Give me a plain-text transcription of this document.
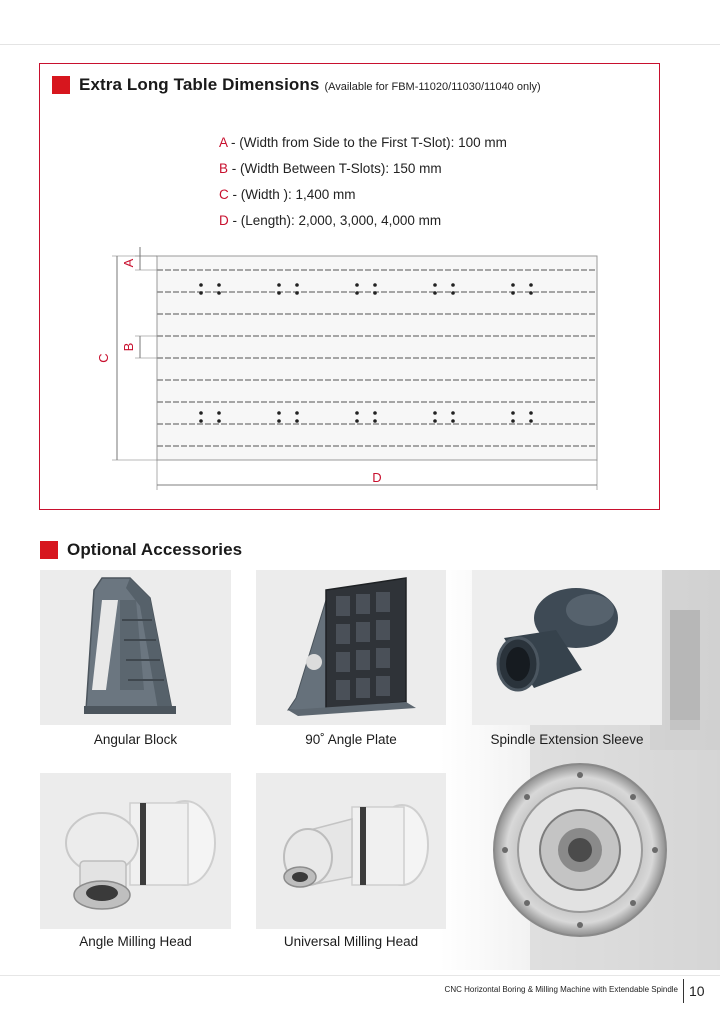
Extra Long Table Dimensions (Available for FBM-11020/11030/11040 only)
A - (Width from Side to the First T-Slot): 100 mm
B - (Width Between T-Slots): 150 mm
C - (Width ): 1,400 mm
D - (Length): 2,000, 3,000, 4,000 mm
A
B
C
D
Optional Accessories
Angular Block	90˚ Angle Plate	Spindle Extension Sleeve
Angle Milling Head	Universal Milling Head
CNC Horizontal Boring & Milling Machine with Extendable Spindle 10
